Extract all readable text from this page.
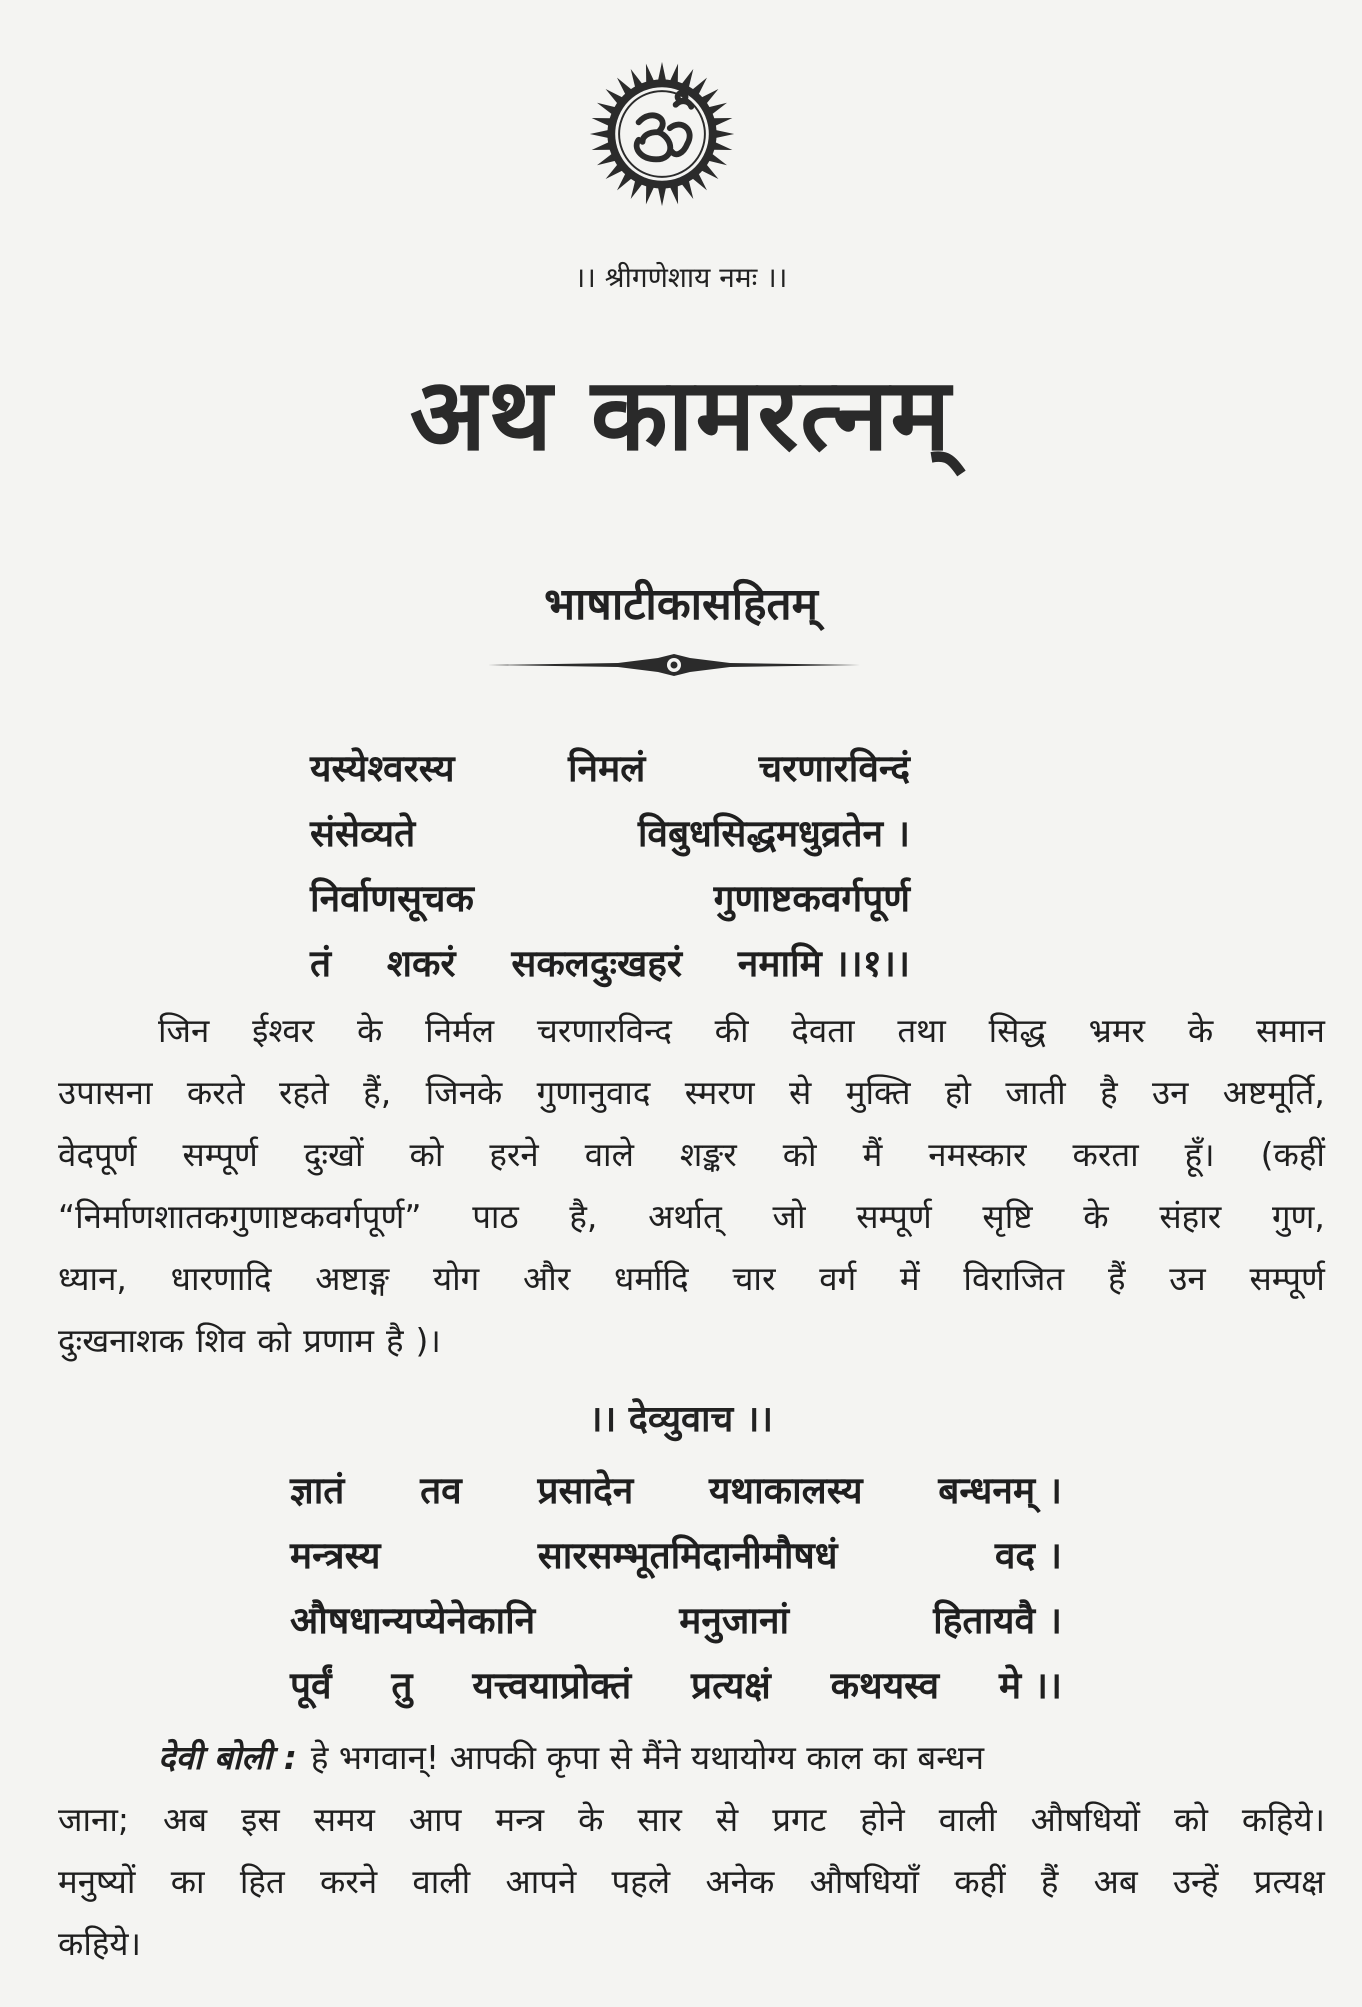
।। श्रीगणेशाय नमः ।।
अथ कामरत्नम्
भाषाटीकासहितम्
यस्येश्वरस्य	निमलं	चरणारविन्दं
संसेव्यते	विबुधसिद्धमधुव्रतेन ।
निर्वाणसूचक	गुणाष्टकवर्गपूर्ण
तं शकरं सकलदुःखहरं नमामि ।।१।।
जिन ईश्वर के निर्मल चरणारविन्द की देवता तथा सिद्ध भ्रमर के समान
उपासना करते रहते हैं, जिनके गुणानुवाद स्मरण से मुक्ति हो जाती है उन अष्टमूर्ति,
वेदपूर्ण सम्पूर्ण दुःखों को हरने वाले शङ्कर को मैं नमस्कार करता हूँ। (कहीं
“निर्माणशातकगुणाष्टकवर्गपूर्ण” पाठ है, अर्थात् जो सम्पूर्ण सृष्टि के संहार गुण,
ध्यान, धारणादि अष्टाङ्ग योग और धर्मादि चार वर्ग में विराजित हैं उन सम्पूर्ण
दुःखनाशक शिव को प्रणाम है )।
।। देव्युवाच ।।
ज्ञातं तव प्रसादेन यथाकालस्य बन्धनम् ।
मन्त्रस्य	सारसम्भूतमिदानीमौषधं	वद ।
औषधान्यप्येनेकानि	मनुजानां	हितायवै ।
पूर्वं तु यत्त्वयाप्रोक्तं प्रत्यक्षं कथयस्व मे ।।
देवी बोली : हे भगवान्! आपकी कृपा से मैंने यथायोग्य काल का बन्धन
जाना; अब इस समय आप मन्त्र के सार से प्रगट होने वाली औषधियों को कहिये।
मनुष्यों का हित करने वाली आपने पहले अनेक औषधियाँ कहीं हैं अब उन्हें प्रत्यक्ष
कहिये।
